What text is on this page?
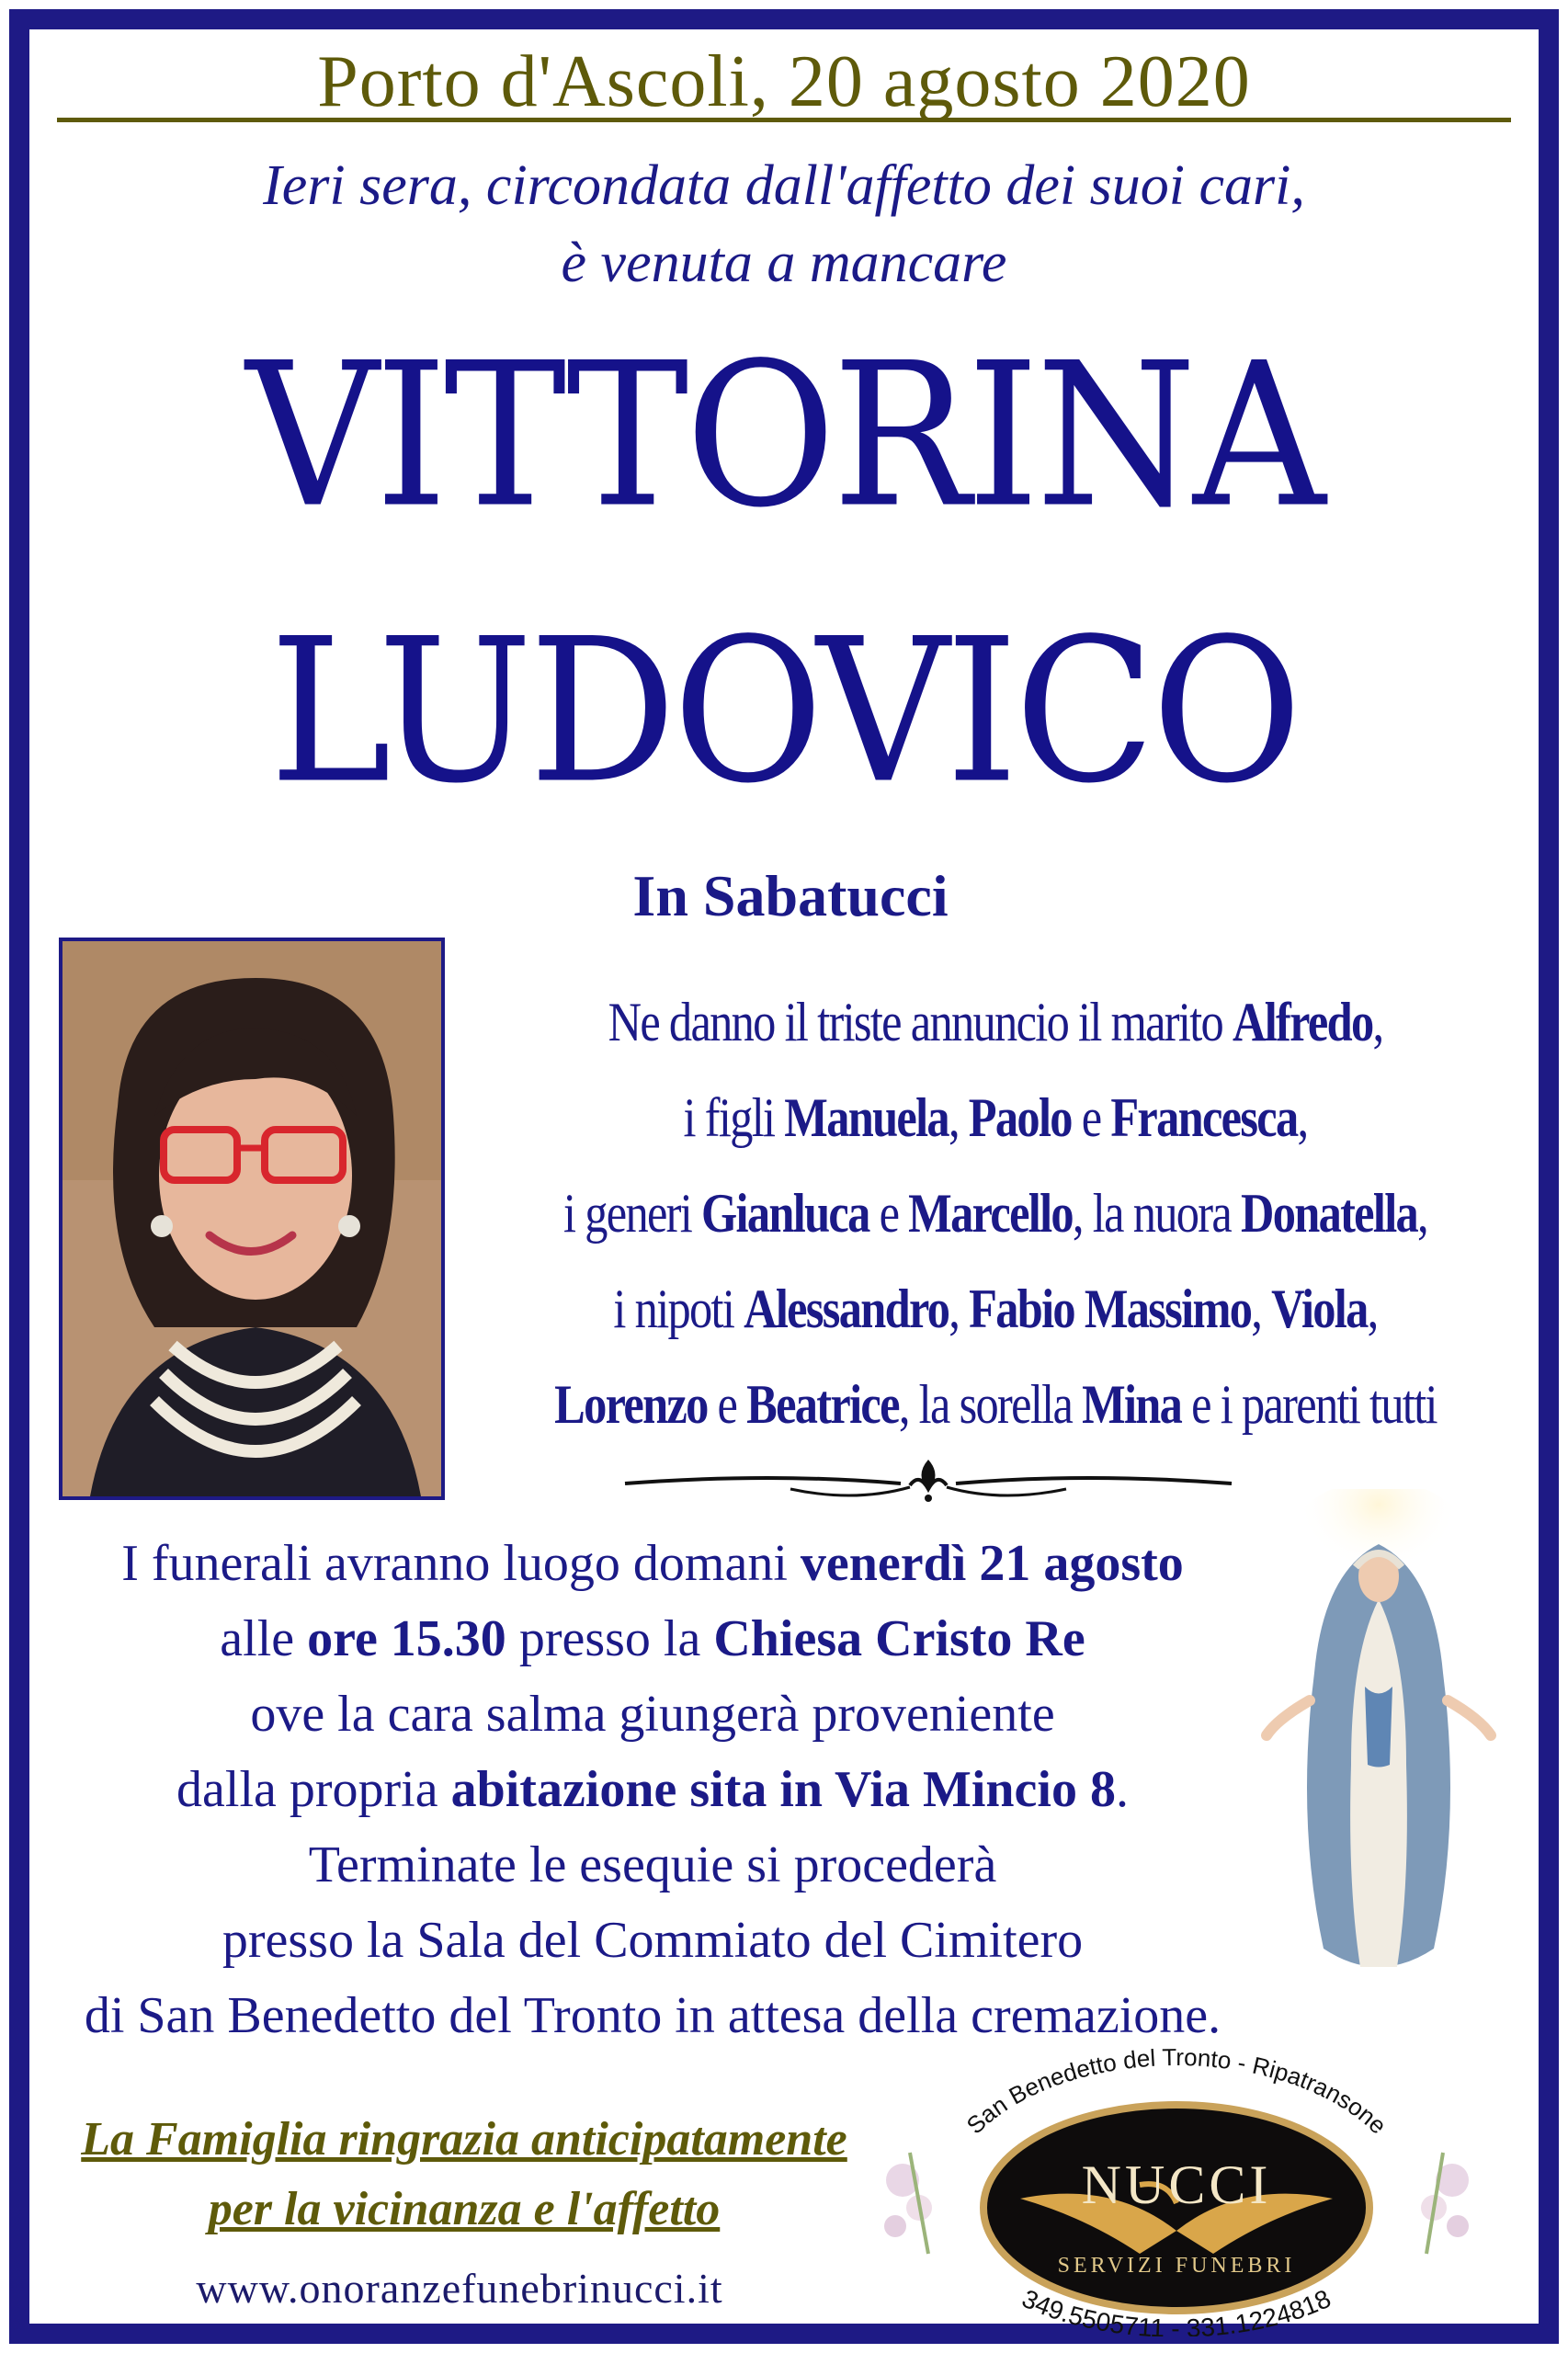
Porto d'Ascoli, 20 agosto 2020
Ieri sera, circondata dall'affetto dei suoi cari,
è venuta a mancare
VITTORINA
LUDOVICO
In Sabatucci
Ne danno il triste annuncio il marito Alfredo,
i figli Manuela, Paolo e Francesca,
i generi Gianluca e Marcello, la nuora Donatella,
i nipoti Alessandro, Fabio Massimo, Viola,
Lorenzo e Beatrice, la sorella Mina e i parenti tutti
I funerali avranno luogo domani venerdì 21 agosto
alle ore 15.30 presso la Chiesa Cristo Re
ove la cara salma giungerà proveniente
dalla propria abitazione sita in Via Mincio 8.
Terminate le esequie si procederà
presso la Sala del Commiato del Cimitero
di San Benedetto del Tronto in attesa della cremazione.
La Famiglia ringrazia anticipatamente
per la vicinanza e l'affetto
www.onoranzefunebrinucci.it
NUCCI
SERVIZI FUNEBRI
San Benedetto del Tronto - Ripatransone
349.5505711 - 331.1224818
